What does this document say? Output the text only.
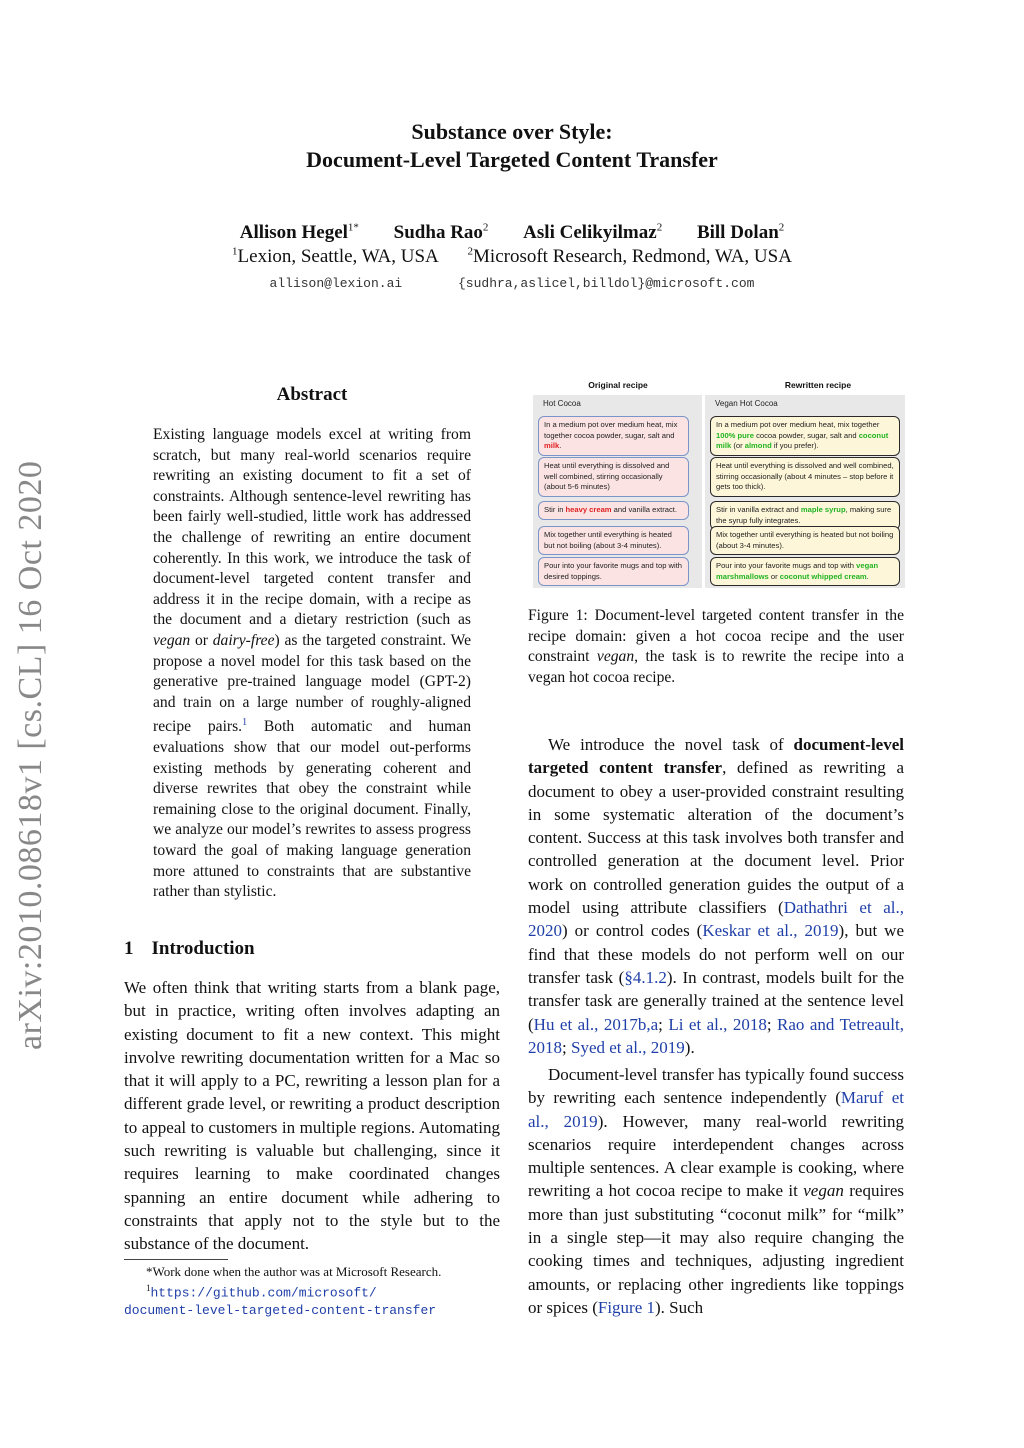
Substance over Style:
Document-Level Targeted Content Transfer
Allison Hegel$^{1*}$ Sudha Rao$^2$ Asli Celikyilmaz$^2$ Bill Dolan$^2$
$^1$Lexion, Seattle, WA, USA	$^2$Microsoft Research, Redmond, WA, USA
allison@lexion.ai	{sudhra,aslicel,billdol}@microsoft.com
arXiv:2010.08618v1 [cs.CL] 16 Oct 2020
Abstract
Existing language models excel at writing from scratch, but many real-world scenarios require rewriting an existing document to fit a set of constraints. Although sentence-level rewriting has been fairly well-studied, little work has addressed the challenge of rewriting an entire document coherently. In this work, we introduce the task of document-level targeted content transfer and address it in the recipe domain, with a recipe as the document and a dietary restriction (such as vegan or dairy-free) as the targeted constraint. We propose a novel model for this task based on the generative pre-trained language model (GPT-2) and train on a large number of roughly-aligned recipe pairs.$^1$ Both automatic and human evaluations show that our model out-performs existing methods by generating coherent and diverse rewrites that obey the constraint while remaining close to the original document. Finally, we analyze our model’s rewrites to assess progress toward the goal of making language generation more attuned to constraints that are substantive rather than stylistic.
1 Introduction
We often think that writing starts from a blank page, but in practice, writing often involves adapting an existing document to fit a new context. This might involve rewriting documentation written for a Mac so that it will apply to a PC, rewriting a lesson plan for a different grade level, or rewriting a product description to appeal to customers in multiple regions. Automating such rewriting is valuable but challenging, since it requires learning to make coordinated changes spanning an entire document while adhering to constraints that apply not to the style but to the substance of the document.
*Work done when the author was at Microsoft Research.
$^1$https://github.com/microsoft/
document-level-targeted-content-transfer
Original recipe	Rewritten recipe
Hot Cocoa
In a medium pot over medium heat, mix together cocoa powder, sugar, salt and milk.
Heat until everything is dissolved and well combined, stirring occasionally (about 5-6 minutes)
Stir in heavy cream and vanilla extract.
Mix together until everything is heated but not boiling (about 3-4 minutes).
Pour into your favorite mugs and top with desired toppings.
Vegan Hot Cocoa
In a medium pot over medium heat, mix together 100% pure cocoa powder, sugar, salt and coconut milk (or almond if you prefer).
Heat until everything is dissolved and well combined, stirring occasionally (about 4 minutes – stop before it gets too thick).
Stir in vanilla extract and maple syrup, making sure the syrup fully integrates.
Mix together until everything is heated but not boiling (about 3-4 minutes).
Pour into your favorite mugs and top with vegan marshmallows or coconut whipped cream.
Figure 1: Document-level targeted content transfer in the recipe domain: given a hot cocoa recipe and the user constraint vegan, the task is to rewrite the recipe into a vegan hot cocoa recipe.
We introduce the novel task of document-level targeted content transfer, defined as rewriting a document to obey a user-provided constraint resulting in some systematic alteration of the document’s content. Success at this task involves both transfer and controlled generation at the document level. Prior work on controlled generation guides the output of a model using attribute classifiers (Dathathri et al., 2020) or control codes (Keskar et al., 2019), but we find that these models do not perform well on our transfer task (§4.1.2). In contrast, models built for the transfer task are generally trained at the sentence level (Hu et al., 2017b,a; Li et al., 2018; Rao and Tetreault, 2018; Syed et al., 2019).
Document-level transfer has typically found success by rewriting each sentence independently (Maruf et al., 2019). However, many real-world rewriting scenarios require interdependent changes across multiple sentences. A clear example is cooking, where rewriting a hot cocoa recipe to make it vegan requires more than just substituting “coconut milk” for “milk” in a single step—it may also require changing the cooking times and techniques, adjusting ingredient amounts, or replacing other ingredients like toppings or spices (Figure 1). Such
